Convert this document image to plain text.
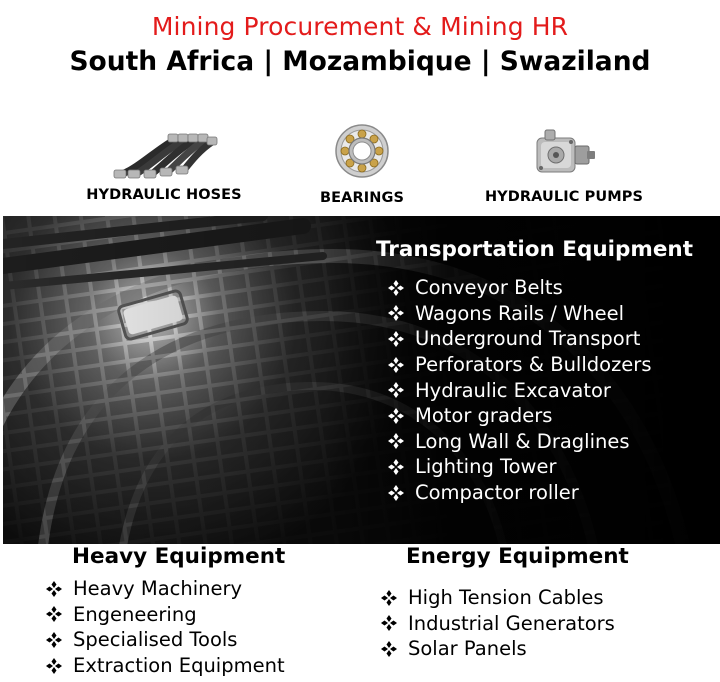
Mining Procurement & Mining HR
South Africa | Mozambique | Swaziland
HYDRAULIC HOSES	BEARINGS	HYDRAULIC PUMPS
Transportation Equipment
Conveyor Belts
Wagons Rails / Wheel
Underground Transport
Perforators & Bulldozers
Hydraulic Excavator
Motor graders
Long Wall & Draglines
Lighting Tower
Compactor roller
Heavy Equipment
Heavy Machinery
Engeneering
Specialised Tools
Extraction Equipment
Energy Equipment
High Tension Cables
Industrial Generators
Solar Panels
